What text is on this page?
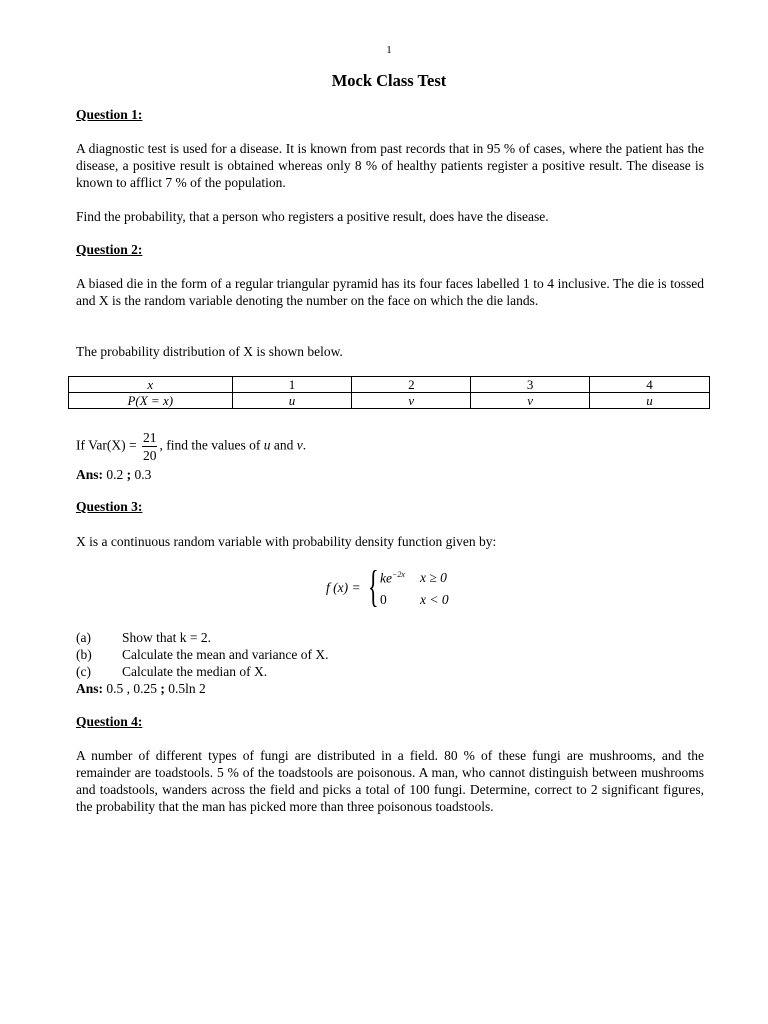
1
Mock Class Test
Question 1:
A diagnostic test is used for a disease. It is known from past records that in 95 % of cases, where the patient has the disease, a positive result is obtained whereas only 8 % of healthy patients register a positive result. The disease is known to afflict 7 % of the population.
Find the probability, that a person who registers a positive result, does have the disease.
Question 2:
A biased die in the form of a regular triangular pyramid has its four faces labelled 1 to 4 inclusive. The die is tossed and X is the random variable denoting the number on the face on which the die lands.
The probability distribution of X is shown below.
x	1	2	3	4
P(X = x)	u	v	v	u
If $Var(X) = \frac{21}{20}$ , find the values of u and v.
Ans: 0.2 ; 0.3
Question 3:
X is a continuous random variable with probability density function given by:
f (x) = { $ke^{-2x}$ x ≥ 0
0 x < 0
(a) Show that k = 2.
(b) Calculate the mean and variance of X.
(c) Calculate the median of X.
Ans: 0.5 , 0.25 ; 0.5ln 2
Question 4:
A number of different types of fungi are distributed in a field. 80 % of these fungi are mushrooms, and the remainder are toadstools. 5 % of the toadstools are poisonous. A man, who cannot distinguish between mushrooms and toadstools, wanders across the field and picks a total of 100 fungi. Determine, correct to 2 significant figures, the probability that the man has picked more than three poisonous toadstools.
